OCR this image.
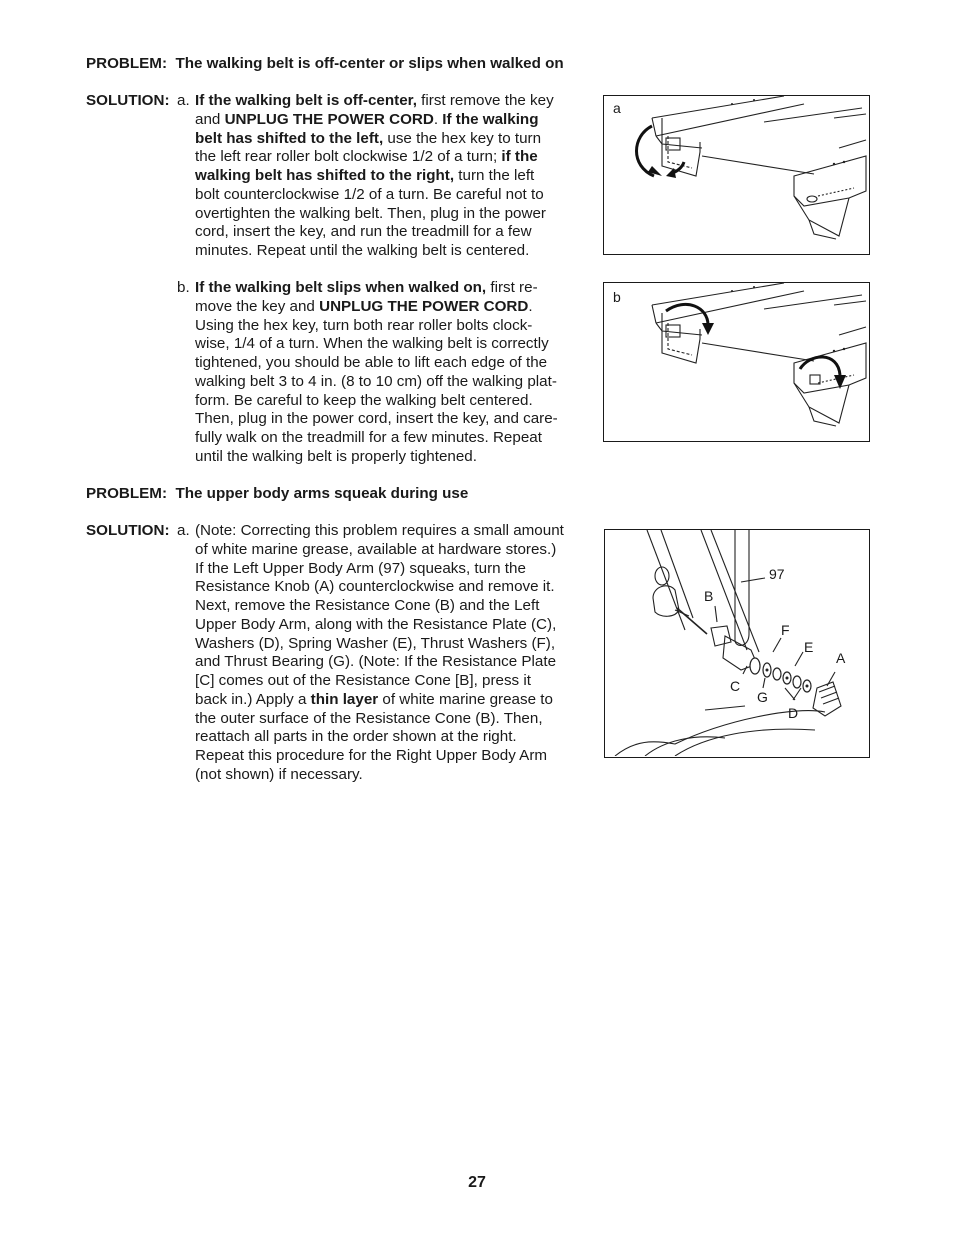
PROBLEM: The walking belt is off-center or slips when walked on
SOLUTION: a. If the walking belt is off-center, first remove the key
and UNPLUG THE POWER CORD. If the walking
belt has shifted to the left, use the hex key to turn
the left rear roller bolt clockwise 1/2 of a turn; if the
walking belt has shifted to the right, turn the left
bolt counterclockwise 1/2 of a turn. Be careful not to
overtighten the walking belt. Then, plug in the power
cord, insert the key, and run the treadmill for a few
minutes. Repeat until the walking belt is centered.
b. If the walking belt slips when walked on, first re-
move the key and UNPLUG THE POWER CORD.
Using the hex key, turn both rear roller bolts clock-
wise, 1/4 of a turn. When the walking belt is correctly
tightened, you should be able to lift each edge of the
walking belt 3 to 4 in. (8 to 10 cm) off the walking plat-
form. Be careful to keep the walking belt centered.
Then, plug in the power cord, insert the key, and care-
fully walk on the treadmill for a few minutes. Repeat
until the walking belt is properly tightened.
PROBLEM: The upper body arms squeak during use
SOLUTION: a. (Note: Correcting this problem requires a small amount
of white marine grease, available at hardware stores.)
If the Left Upper Body Arm (97) squeaks, turn the
Resistance Knob (A) counterclockwise and remove it.
Next, remove the Resistance Cone (B) and the Left
Upper Body Arm, along with the Resistance Plate (C),
Washers (D), Spring Washer (E), Thrust Washers (F),
and Thrust Bearing (G). (Note: If the Resistance Plate
[C] comes out of the Resistance Cone [B], press it
back in.) Apply a thin layer of white marine grease to
the outer surface of the Resistance Cone (B). Then,
reattach all parts in the order shown at the right.
Repeat this procedure for the Right Upper Body Arm
(not shown) if necessary.
a
b
97
B
F
E
A
C
G
D
27
